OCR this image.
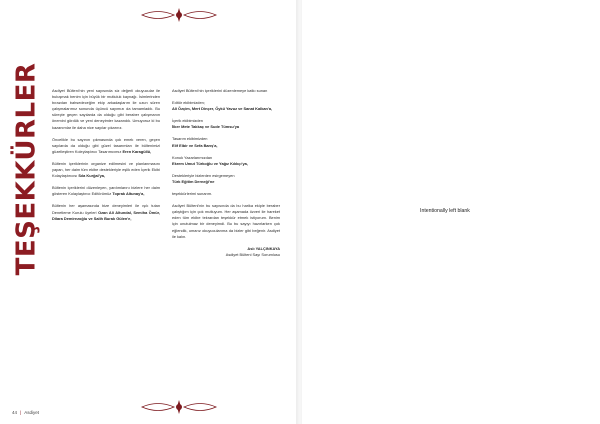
TEŞEKKÜRLER	Asdiyet Bülteni'nin yeni sayısında siz değerli okuyucular ile buluşmak benim için büyük bir mutluluk kaynağı. İsimlerinden bırazdan bahsedeceğim ekip arkadaşlarım ile uzun süren çalışmalarımız sonunda üçüncü sayımızı da tamamladık. Bu süreçte geçen sayılarda da olduğu gibi beraber çalışmanın önemini gördük ve yeni deneyimler kazandık. Umuyoruz ki bu kazanımlar ile daha nice sayılar çıkarırız.

Öncelikle bu sayının çıkmasında çok emek veren, geçen sayılarda da olduğu gibi güzel tasarımları ile bültenimizi güzelleştiren Koleylaştırıcı Tasarımcımız Eren Karagüllü,

Bültenin içeriklerinin organize edilmesini ve planlanmasını yapan, her daim tüm ekibe destekleriyle eşlik eden İçerik Ekibi Kolaylaştırıcısı Sıla Kurğal'ya,

Bültenin içeriklerini düzenleyen, yardımlarını bizlere her daim gösteren Kolaylaştırıcı Editörümüz Toprak Altunay'a,

Bültenin her aşamasında bize deneyimleri ile ışık tutan Denetleme Kurulu üyeleri Ozan Ali Altundal, Semiha Ömür, Dilara Demirezoğlu ve Salih Burak Gülen'e,

Asdiyet Bülteni'nin içeriklerini düzenlemeye katkı sunan

Editör ekibimizden;
Ali Özçim, Mert Dinçer, Öykü Yavuz ve Sanat Kalkan'a,

İçerik ekibimizden
İlker Mete Takkaç ve Sude Tümsu'ya

Tasarım ekibimizden
Elif Elbir ve Sefa Barış'a,

Konuk Yazarlarımızdan
Ekrem Umut Türkoğlu ve Yağız Kılıkçı'ya,

Destekleriyle bizlerden esirgemeyen
Türk Eğitim Derneği'ne

teşekkürlerimi sunarım.

Asdiyet Bülteni'nin bu sayısında da bu harika ekiple beraber çalıştığım için çok mutluyum. Her aşamada özveri ile hareket eden tüm ekibe tekrardan teşekkür etmek istiyorum. Benim için unutulmaz bir deneyimdi. Bu bu sayıyı hazırlarken çok eğlendik, umarız okuyucularıma da bizler gibi beğenir. Asdiyet ile kalın.

Aslı YALÇINKAYA
Asdiyet Bülteni Sayı Sorumlusu
44 | Asdiyet
Intentionally left blank
